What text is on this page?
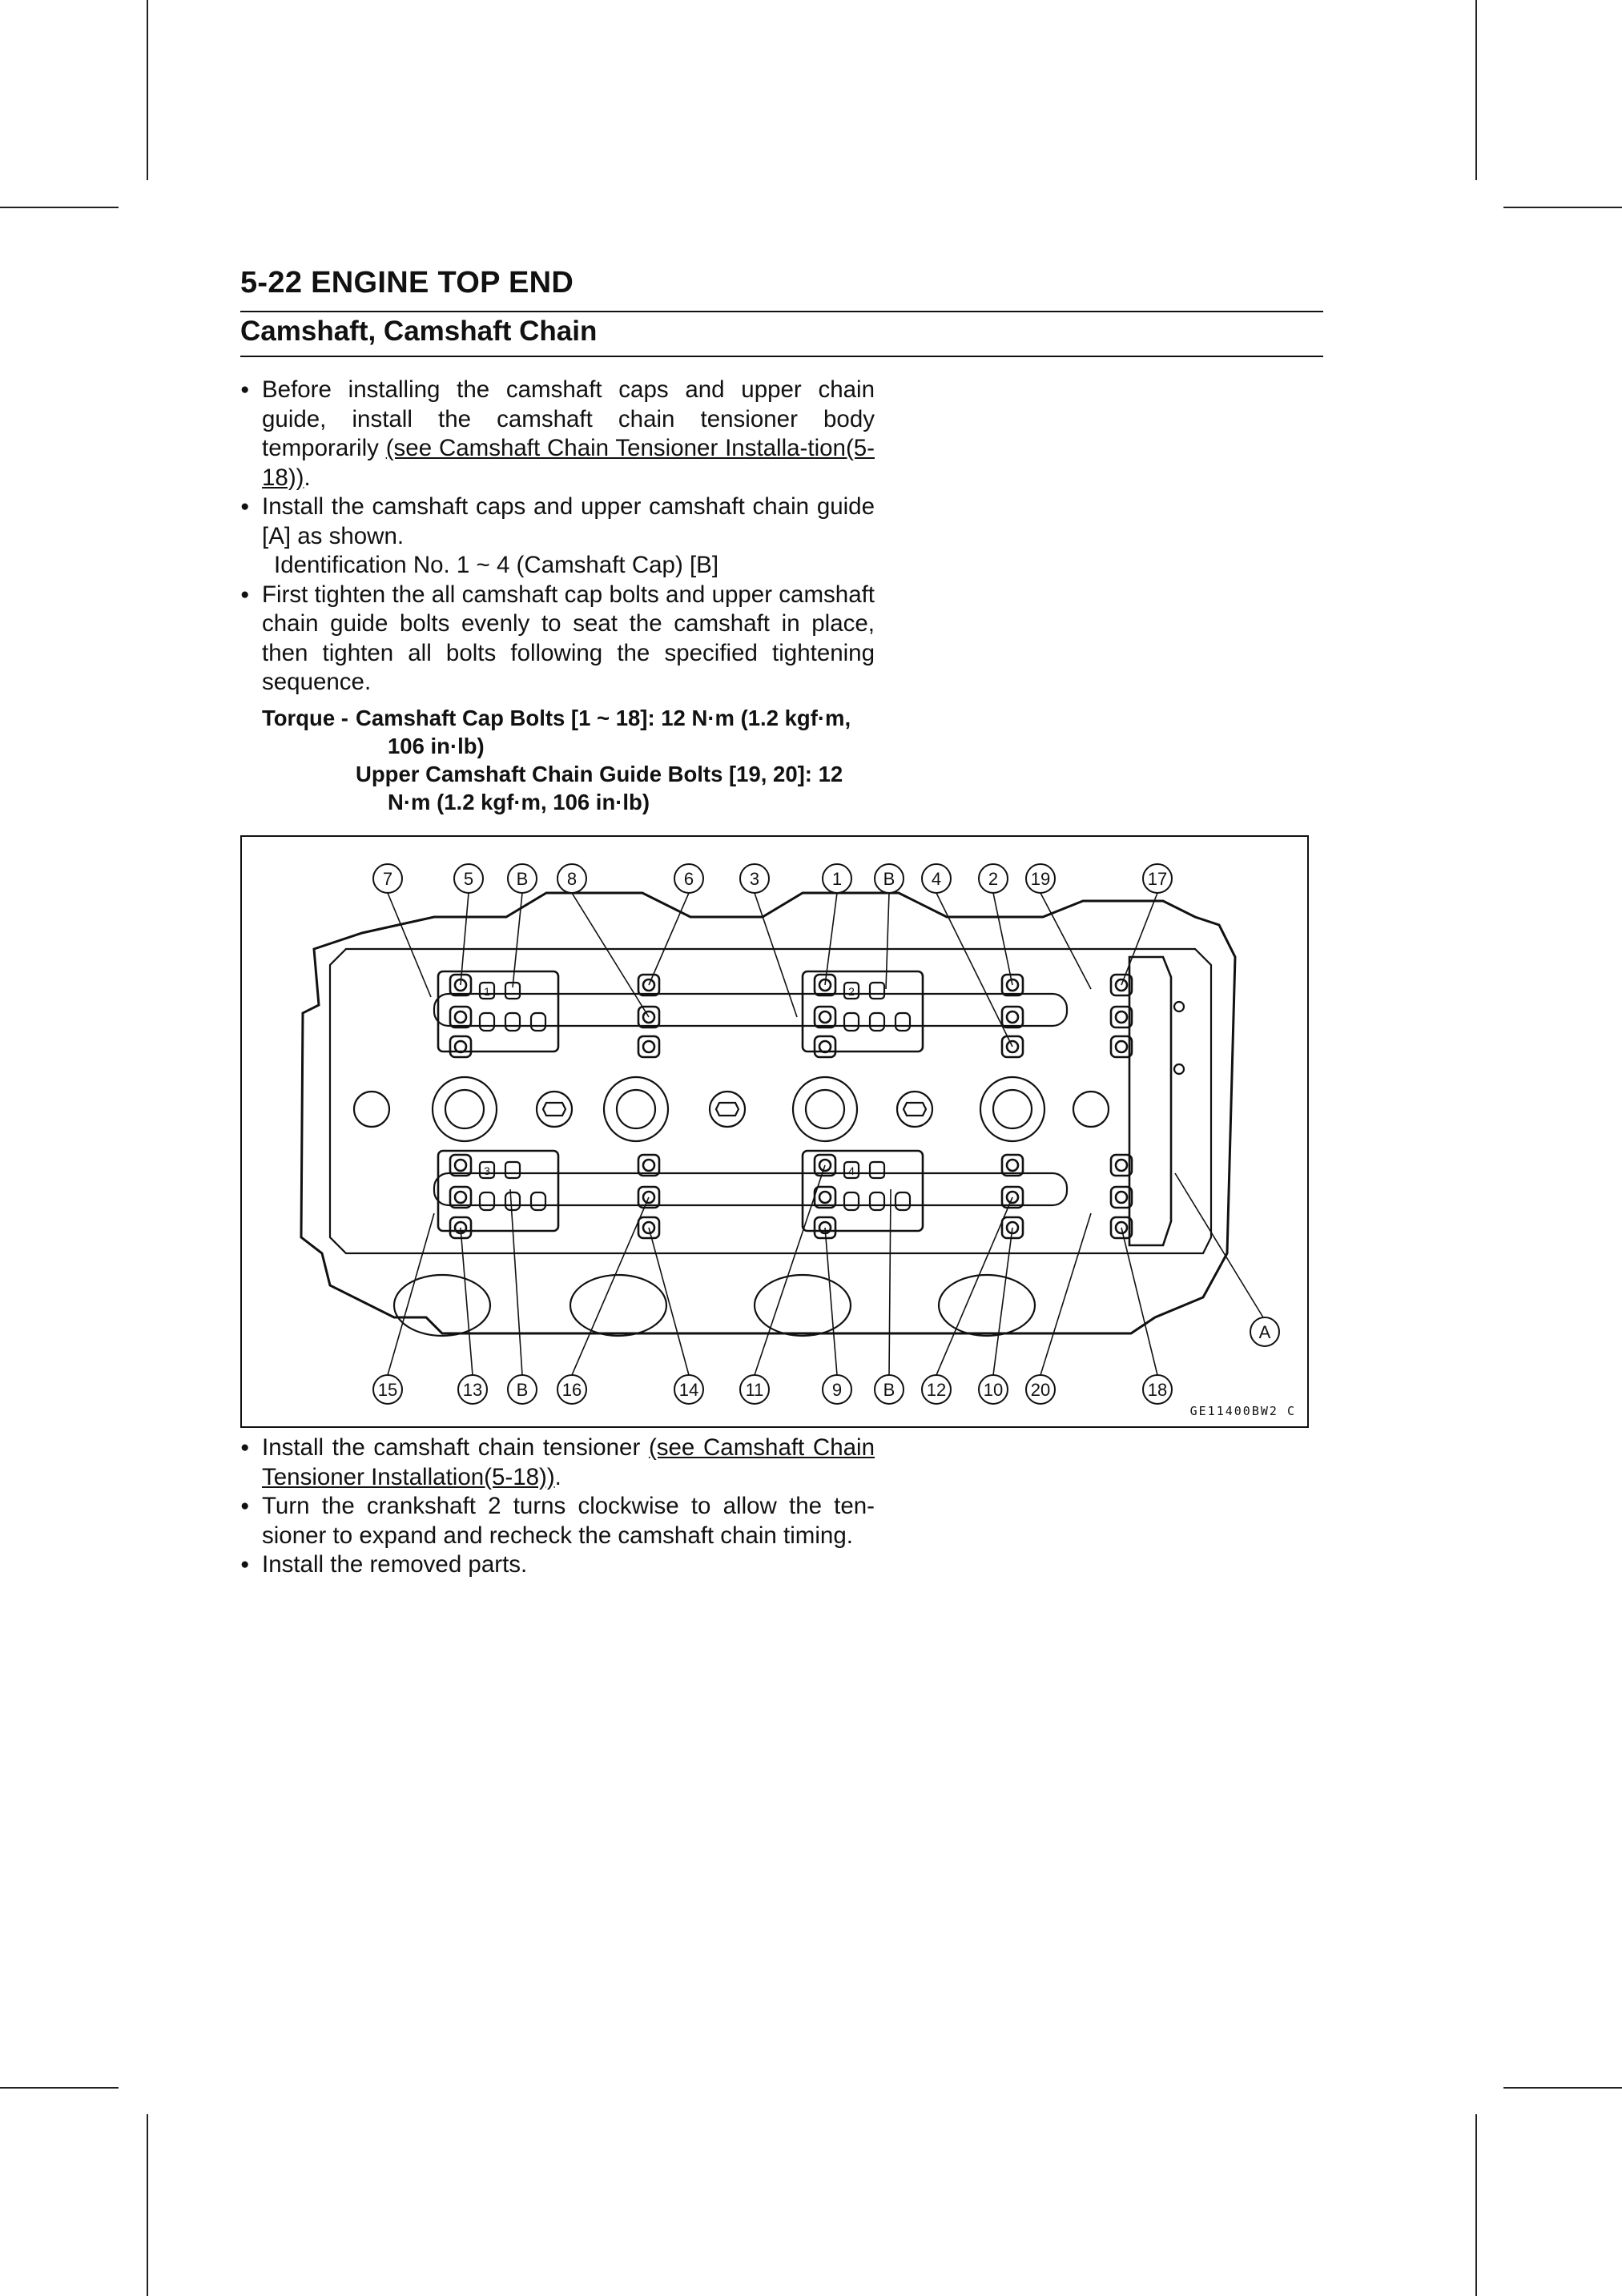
5-22 ENGINE TOP END
Camshaft, Camshaft Chain
● Before installing the camshaft caps and upper chain guide, install the camshaft chain tensioner body temporarily (see Camshaft Chain Tensioner Installa-tion(5-18)).
● Install the camshaft caps and upper camshaft chain guide [A] as shown.
Identification No. 1 ~ 4 (Camshaft Cap) [B]
● First tighten the all camshaft cap bolts and upper camshaft chain guide bolts evenly to seat the camshaft in place, then tighten all bolts following the specified tightening sequence.
Torque - Camshaft Cap Bolts [1 ~ 18]: 12 N·m (1.2 kgf·m,
106 in·lb)
Upper Camshaft Chain Guide Bolts [19, 20]: 12
N·m (1.2 kgf·m, 106 in·lb)
1	2
3	4
7	5 B 8	6	3	1 B 4	2 19	17
15	13 B 16	14	11	9 B 12 10 20	18
A
GE11400BW2 C
● Install the camshaft chain tensioner (see Camshaft Chain Tensioner Installation(5-18)).
● Turn the crankshaft 2 turns clockwise to allow the ten-sioner to expand and recheck the camshaft chain timing.
● Install the removed parts.
